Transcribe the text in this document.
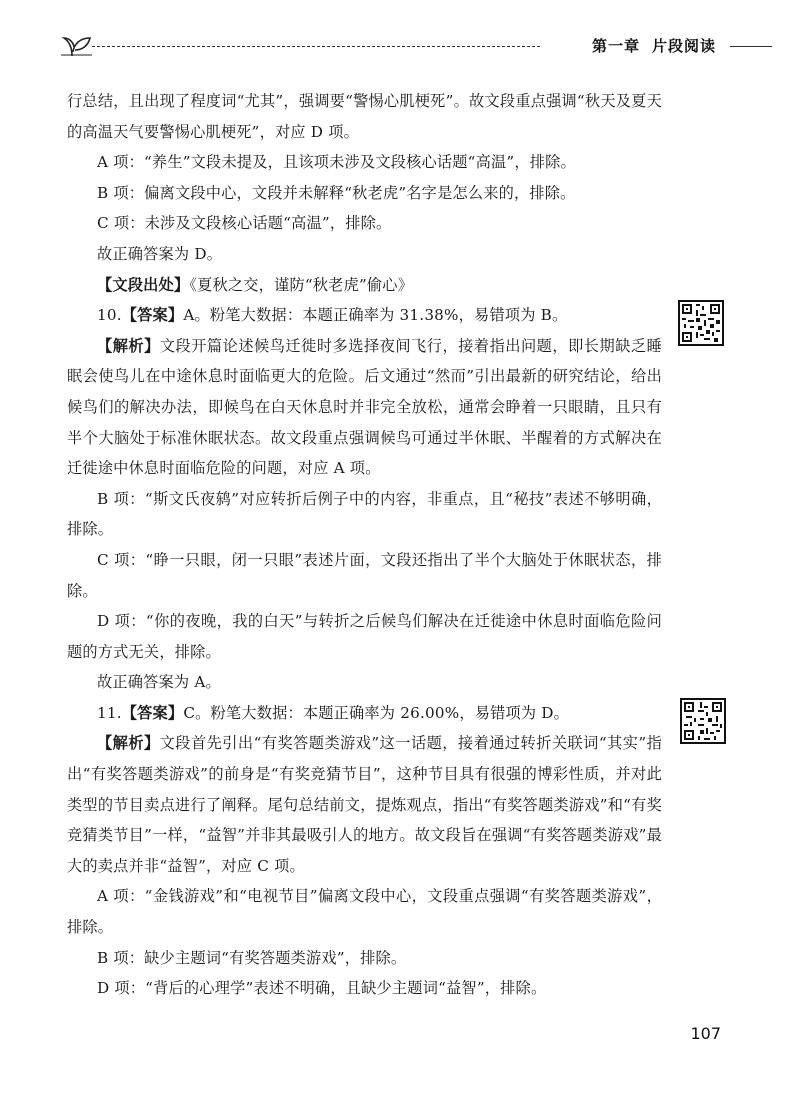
第一章 片段阅读

行总结，且出现了程度词“尤其”，强调要“警惕心肌梗死”。故文段重点强调“秋天及夏天的高温天气要警惕心肌梗死”，对应 D 项。

A 项：“养生”文段未提及，且该项未涉及文段核心话题“高温”，排除。

B 项：偏离文段中心，文段并未解释“秋老虎”名字是怎么来的，排除。

C 项：未涉及文段核心话题“高温”，排除。

故正确答案为 D。

【文段出处】《夏秋之交，谨防“秋老虎”偷心》

10.【答案】A。粉笔大数据：本题正确率为 31.38%，易错项为 B。

【解析】文段开篇论述候鸟迁徙时多选择夜间飞行，接着指出问题，即长期缺乏睡眠会使鸟儿在中途休息时面临更大的危险。后文通过“然而”引出最新的研究结论，给出候鸟们的解决办法，即候鸟在白天休息时并非完全放松，通常会睁着一只眼睛，且只有半个大脑处于标准休眠状态。故文段重点强调候鸟可通过半休眠、半醒着的方式解决在迁徙途中休息时面临危险的问题，对应 A 项。

B 项：“斯文氏夜鸫”对应转折后例子中的内容，非重点，且“秘技”表述不够明确，排除。

C 项：“睁一只眼，闭一只眼”表述片面，文段还指出了半个大脑处于休眠状态，排除。

D 项：“你的夜晚，我的白天”与转折之后候鸟们解决在迁徙途中休息时面临危险问题的方式无关，排除。

故正确答案为 A。

11.【答案】C。粉笔大数据：本题正确率为 26.00%，易错项为 D。

【解析】文段首先引出“有奖答题类游戏”这一话题，接着通过转折关联词“其实”指出“有奖答题类游戏”的前身是“有奖竞猜节目”，这种节目具有很强的博彩性质，并对此类型的节目卖点进行了阐释。尾句总结前文，提炼观点，指出“有奖答题类游戏”和“有奖竞猜类节目”一样，“益智”并非其最吸引人的地方。故文段旨在强调“有奖答题类游戏”最大的卖点并非“益智”，对应 C 项。

A 项：“金钱游戏”和“电视节目”偏离文段中心，文段重点强调“有奖答题类游戏”，排除。

B 项：缺少主题词“有奖答题类游戏”，排除。

D 项：“背后的心理学”表述不明确，且缺少主题词“益智”，排除。

107
